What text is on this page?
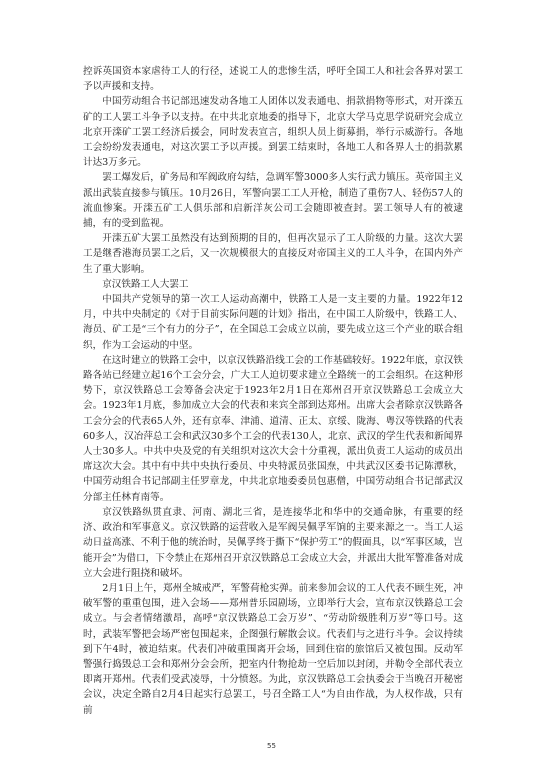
控诉英国资本家虐待工人的行径，述说工人的悲惨生活，呼吁全国工人和社会各界对罢工予以声援和支持。

中国劳动组合书记部迅速发动各地工人团体以发表通电、捐款捐物等形式，对开滦五矿的工人罢工斗争予以支持。在中共北京地委的指导下，北京大学马克思学说研究会成立北京开滦矿工罢工经济后援会，同时发表宣言，组织人员上街募捐，举行示威游行。各地工会纷纷发表通电，对这次罢工予以声援。到罢工结束时，各地工人和各界人士的捐款累计达3万多元。

罢工爆发后，矿务局和军阀政府勾结，急调军警3000多人实行武力镇压。英帝国主义派出武装直接参与镇压。10月26日，军警向罢工工人开枪，制造了重伤7人、轻伤57人的流血惨案。开滦五矿工人俱乐部和启新洋灰公司工会随即被查封。罢工领导人有的被逮捕，有的受到监视。

开滦五矿大罢工虽然没有达到预期的目的，但再次显示了工人阶级的力量。这次大罢工是继香港海员罢工之后，又一次规模很大的直接反对帝国主义的工人斗争，在国内外产生了重大影响。

京汉铁路工人大罢工

中国共产党领导的第一次工人运动高潮中，铁路工人是一支主要的力量。1922年12月，中共中央制定的《对于目前实际问题的计划》指出，在中国工人阶级中，铁路工人、海员、矿工是“三个有力的分子”，在全国总工会成立以前，要先成立这三个产业的联合组织，作为工会运动的中坚。

在这时建立的铁路工会中，以京汉铁路沿线工会的工作基础较好。1922年底，京汉铁路各站已经建立起16个工会分会，广大工人迫切要求建立全路统一的工会组织。在这种形势下，京汉铁路总工会筹备会决定于1923年2月1日在郑州召开京汉铁路总工会成立大会。1923年1月底，参加成立大会的代表和来宾全部到达郑州。出席大会者除京汉铁路各工会分会的代表65人外，还有京奉、津浦、道清、正太、京绥、陇海、粤汉等铁路的代表60多人，汉冶萍总工会和武汉30多个工会的代表130人，北京、武汉的学生代表和新闻界人士30多人。中共中央及党的有关组织对这次大会十分重视，派出负责工人运动的成员出席这次大会。其中有中共中央执行委员、中央特派员张国焘，中共武汉区委书记陈潭秋，中国劳动组合书记部副主任罗章龙，中共北京地委委员包惠僧，中国劳动组合书记部武汉分部主任林育南等。

京汉铁路纵贯直隶、河南、湖北三省，是连接华北和华中的交通命脉，有重要的经济、政治和军事意义。京汉铁路的运营收入是军阀吴佩孚军饷的主要来源之一。当工人运动日益高涨、不利于他的统治时，吴佩孚终于撕下“保护劳工”的假面具，以“军事区域，岂能开会”为借口，下令禁止在郑州召开京汉铁路总工会成立大会，并派出大批军警准备对成立大会进行阻挠和破坏。

2月1日上午，郑州全城戒严，军警荷枪实弹。前来参加会议的工人代表不顾生死，冲破军警的重重包围，进入会场——郑州普乐园剧场，立即举行大会，宣布京汉铁路总工会成立。与会者情绪激昂，高呼“京汉铁路总工会万岁”、“劳动阶级胜利万岁”等口号。这时，武装军警把会场严密包围起来，企图强行解散会议。代表们与之进行斗争。会议持续到下午4时，被迫结束。代表们冲破重围离开会场，回到住宿的旅馆后又被包围。反动军警强行捣毁总工会和郑州分会会所，把室内什物抢劫一空后加以封闭，并勒令全部代表立即离开郑州。代表们受武凌辱，十分愤怒。为此，京汉铁路总工会执委会于当晚召开秘密会议，决定全路自2月4日起实行总罢工，号召全路工人“为自由作战，为人权作战，只有前

55
